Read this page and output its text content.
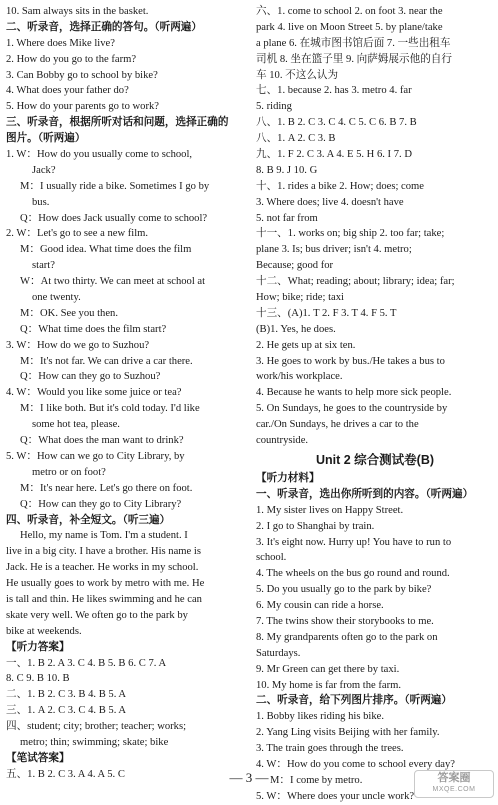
10. Sam always sits in the basket.
二、听录音，选择正确的答句。（听两遍）
1. Where does Mike live?
2. How do you go to the farm?
3. Can Bobby go to school by bike?
4. What does your father do?
5. How do your parents go to work?
三、听录音，根据所听对话和问题，选择正确的
图片。（听两遍）
1. W：How do you usually come to school,
Jack?
M：I usually ride a bike. Sometimes I go by
bus.
Q：How does Jack usually come to school?
2. W：Let's go to see a new film.
M：Good idea. What time does the film
start?
W：At two thirty. We can meet at school at
one twenty.
M：OK. See you then.
Q：What time does the film start?
3. W：How do we go to Suzhou?
M：It's not far. We can drive a car there.
Q：How can they go to Suzhou?
4. W：Would you like some juice or tea?
M：I like both. But it's cold today. I'd like
some hot tea, please.
Q：What does the man want to drink?
5. W：How can we go to City Library, by
metro or on foot?
M：It's near here. Let's go there on foot.
Q：How can they go to City Library?
四、听录音，补全短文。（听三遍）
Hello, my name is Tom. I'm a student. I
live in a big city. I have a brother. His name is
Jack. He is a teacher. He works in my school.
He usually goes to work by metro with me. He
is tall and thin. He likes swimming and he can
skate very well. We often go to the park by
bike at weekends.
【听力答案】
一、1. B 2. A 3. C 4. B 5. B 6. C 7. A
8. C 9. B 10. B
二、1. B 2. C 3. B 4. B 5. A
三、1. A 2. C 3. C 4. B 5. A
四、student; city; brother; teacher; works;
metro; thin; swimming; skate; bike
【笔试答案】
五、1. B 2. C 3. A 4. A 5. C
六、1. come to school 2. on foot 3. near the
park 4. live on Moon Street 5. by plane/take
a plane 6. 在城市图书馆后面 7. 一些出租车
司机 8. 坐在篮子里 9. 向萨姆展示他的自行
车 10. 不这么认为
七、1. because 2. has 3. metro 4. far
5. riding
八、1. B 2. C 3. C 4. C 5. C 6. B 7. B
八、1. A 2. C 3. B
九、1. F 2. C 3. A 4. E 5. H 6. I 7. D
8. B 9. J 10. G
十、1. rides a bike 2. How; does; come
3. Where does; live 4. doesn't have
5. not far from
十一、1. works on; big ship 2. too far; take;
plane 3. Is; bus driver; isn't 4. metro;
Because; good for
十二、What; reading; about; library; idea; far;
How; bike; ride; taxi
十三、(A)1. T 2. F 3. T 4. F 5. T
(B)1. Yes, he does.
2. He gets up at six ten.
3. He goes to work by bus./He takes a bus to
work/his workplace.
4. Because he wants to help more sick people.
5. On Sundays, he goes to the countryside by
car./On Sundays, he drives a car to the
countryside.
Unit 2 综合测试卷(B)
【听力材料】
一、听录音，选出你所听到的内容。（听两遍）
1. My sister lives on Happy Street.
2. I go to Shanghai by train.
3. It's eight now. Hurry up! You have to run to
school.
4. The wheels on the bus go round and round.
5. Do you usually go to the park by bike?
6. My cousin can ride a horse.
7. The twins show their storybooks to me.
8. My grandparents often go to the park on
Saturdays.
9. Mr Green can get there by taxi.
10. My home is far from the farm.
二、听录音，给下列图片排序。（听两遍）
1. Bobby likes riding his bike.
2. Yang Ling visits Beijing with her family.
3. The train goes through the trees.
4. W：How do you come to school every day?
M：I come by metro.
5. W：Where does your uncle work?
— 3 —	答案圈
MXQE.COM
